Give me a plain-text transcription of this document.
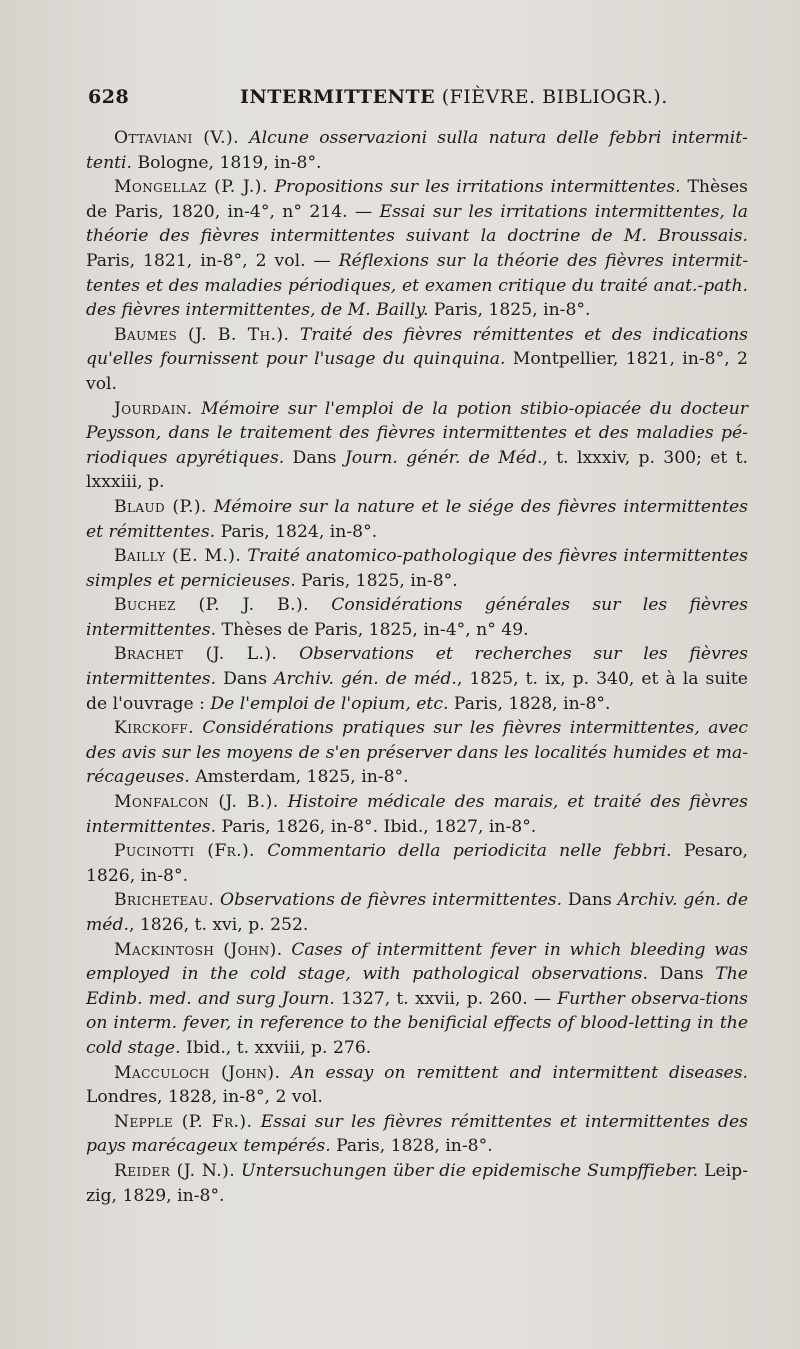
628	INTERMITTENTE (FIÈVRE. BIBLIOGR.).

Ottaviani (V.). Alcune osservazioni sulla natura delle febbri intermit-tenti. Bologne, 1819, in-8°.

Mongellaz (P. J.). Propositions sur les irritations intermittentes. Thèses de Paris, 1820, in-4°, n° 214. — Essai sur les irritations intermittentes, la théorie des fièvres intermittentes suivant la doctrine de M. Broussais. Paris, 1821, in-8°, 2 vol. — Réflexions sur la théorie des fièvres intermit-tentes et des maladies périodiques, et examen critique du traité anat.-path. des fièvres intermittentes, de M. Bailly. Paris, 1825, in-8°.

Baumes (J. B. Th.). Traité des fièvres rémittentes et des indications qu'elles fournissent pour l'usage du quinquina. Montpellier, 1821, in-8°, 2 vol.

Jourdain. Mémoire sur l'emploi de la potion stibio-opiacée du docteur Peysson, dans le traitement des fièvres intermittentes et des maladies pé-riodiques apyrétiques. Dans Journ. génér. de Méd., t. lxxxiv, p. 300; et t. lxxxiii, p.

Blaud (P.). Mémoire sur la nature et le siége des fièvres intermittentes et rémittentes. Paris, 1824, in-8°.

Bailly (E. M.). Traité anatomico-pathologique des fièvres intermittentes simples et pernicieuses. Paris, 1825, in-8°.

Buchez (P. J. B.). Considérations générales sur les fièvres intermittentes. Thèses de Paris, 1825, in-4°, n° 49.

Brachet (J. L.). Observations et recherches sur les fièvres intermittentes. Dans Archiv. gén. de méd., 1825, t. ix, p. 340, et à la suite de l'ouvrage : De l'emploi de l'opium, etc. Paris, 1828, in-8°.

Kirckoff. Considérations pratiques sur les fièvres intermittentes, avec des avis sur les moyens de s'en préserver dans les localités humides et ma-récageuses. Amsterdam, 1825, in-8°.

Monfalcon (J. B.). Histoire médicale des marais, et traité des fièvres intermittentes. Paris, 1826, in-8°. Ibid., 1827, in-8°.

Pucinotti (Fr.). Commentario della periodicita nelle febbri. Pesaro, 1826, in-8°.

Bricheteau. Observations de fièvres intermittentes. Dans Archiv. gén. de méd., 1826, t. xvi, p. 252.

Mackintosh (John). Cases of intermittent fever in which bleeding was employed in the cold stage, with pathological observations. Dans The Edinb. med. and surg Journ. 1327, t. xxvii, p. 260. — Further observa-tions on interm. fever, in reference to the benificial effects of blood-letting in the cold stage. Ibid., t. xxviii, p. 276.

Macculoch (John). An essay on remittent and intermittent diseases. Londres, 1828, in-8°, 2 vol.

Nepple (P. Fr.). Essai sur les fièvres rémittentes et intermittentes des pays marécageux tempérés. Paris, 1828, in-8°.

Reider (J. N.). Untersuchungen über die epidemische Sumpffieber. Leip-zig, 1829, in-8°.
